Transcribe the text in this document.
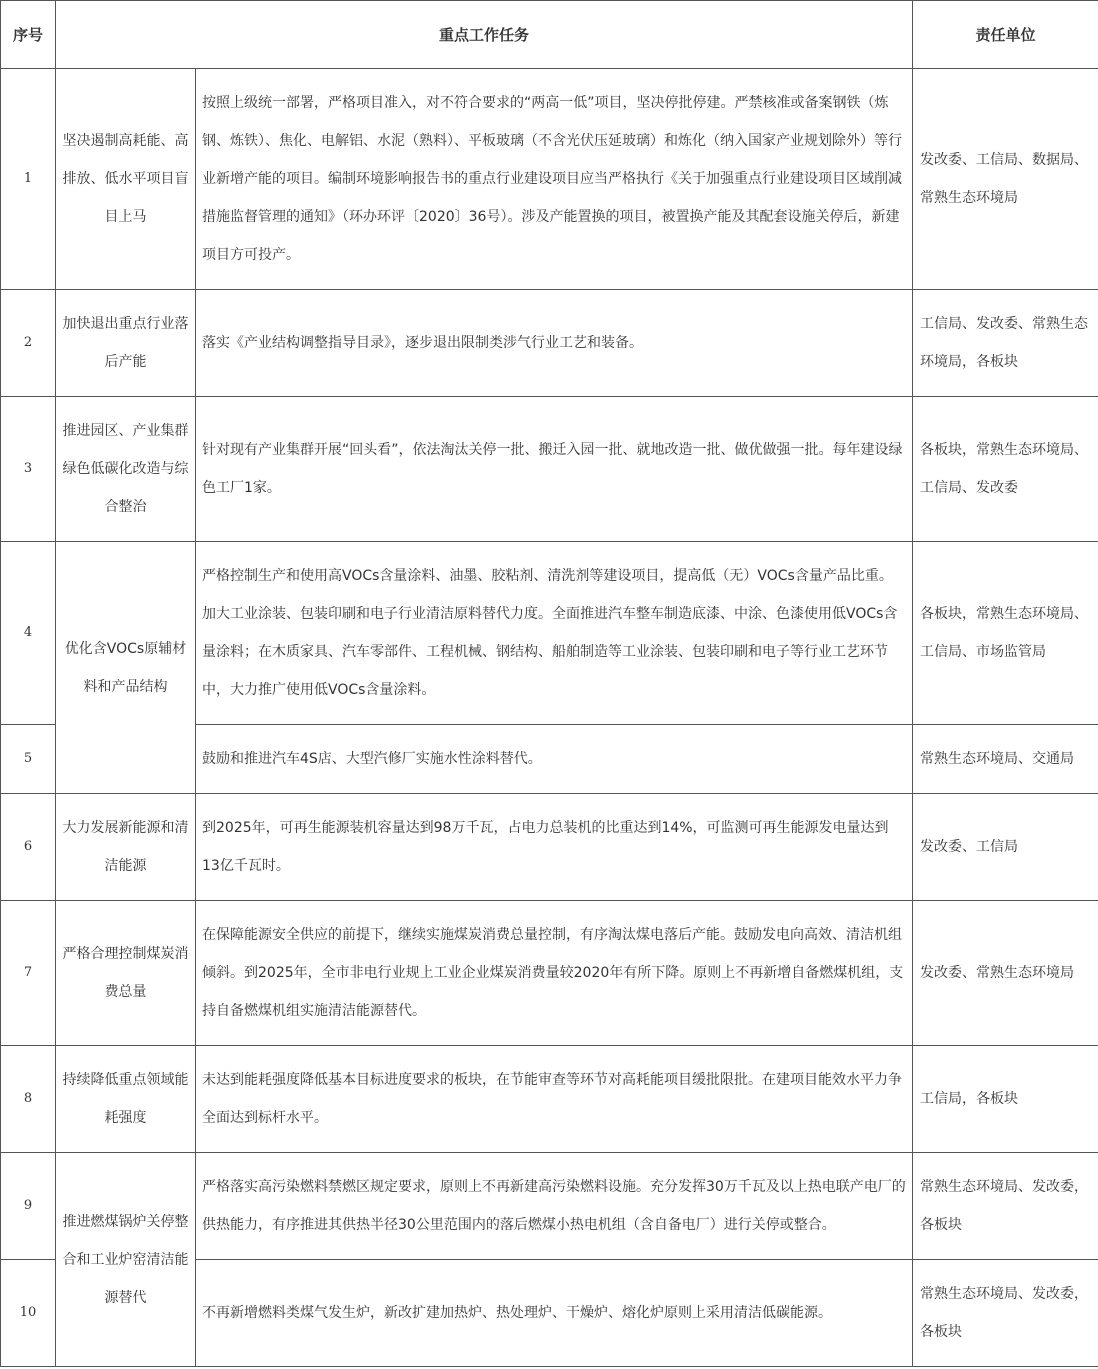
序号	重点工作任务		责任单位
1	坚决遏制高耗能、高排放、低水平项目盲目上马	按照上级统一部署，严格项目准入，对不符合要求的“两高一低”项目，坚决停批停建。严禁核准或备案钢铁（炼钢、炼铁）、焦化、电解铝、水泥（熟料）、平板玻璃（不含光伏压延玻璃）和炼化（纳入国家产业规划除外）等行业新增产能的项目。编制环境影响报告书的重点行业建设项目应当严格执行《关于加强重点行业建设项目区域削减措施监督管理的通知》（环办环评〔2020〕36号）。涉及产能置换的项目，被置换产能及其配套设施关停后，新建项目方可投产。	发改委、工信局、数据局、常熟生态环境局
2	加快退出重点行业落后产能	落实《产业结构调整指导目录》，逐步退出限制类涉气行业工艺和装备。	工信局、发改委、常熟生态环境局，各板块
3	推进园区、产业集群绿色低碳化改造与综合整治	针对现有产业集群开展“回头看”，依法淘汰关停一批、搬迁入园一批、就地改造一批、做优做强一批。每年建设绿色工厂1家。	各板块，常熟生态环境局、工信局、发改委
4	优化含VOCs原辅材料和产品结构	严格控制生产和使用高VOCs含量涂料、油墨、胶粘剂、清洗剂等建设项目，提高低（无）VOCs含量产品比重。加大工业涂装、包装印刷和电子行业清洁原料替代力度。全面推进汽车整车制造底漆、中涂、色漆使用低VOCs含量涂料；在木质家具、汽车零部件、工程机械、钢结构、船舶制造等工业涂装、包装印刷和电子等行业工艺环节中，大力推广使用低VOCs含量涂料。	各板块，常熟生态环境局、工信局、市场监管局
5		鼓励和推进汽车4S店、大型汽修厂实施水性涂料替代。	常熟生态环境局、交通局
6	大力发展新能源和清洁能源	到2025年，可再生能源装机容量达到98万千瓦，占电力总装机的比重达到14%，可监测可再生能源发电量达到13亿千瓦时。	发改委、工信局
7	严格合理控制煤炭消费总量	在保障能源安全供应的前提下，继续实施煤炭消费总量控制，有序淘汰煤电落后产能。鼓励发电向高效、清洁机组倾斜。到2025年，全市非电行业规上工业企业煤炭消费量较2020年有所下降。原则上不再新增自备燃煤机组，支持自备燃煤机组实施清洁能源替代。	发改委、常熟生态环境局
8	持续降低重点领域能耗强度	未达到能耗强度降低基本目标进度要求的板块，在节能审查等环节对高耗能项目缓批限批。在建项目能效水平力争全面达到标杆水平。	工信局，各板块
9	推进燃煤锅炉关停整合和工业炉窑清洁能源替代	严格落实高污染燃料禁燃区规定要求，原则上不再新建高污染燃料设施。充分发挥30万千瓦及以上热电联产电厂的供热能力，有序推进其供热半径30公里范围内的落后燃煤小热电机组（含自备电厂）进行关停或整合。	常熟生态环境局、发改委，各板块
10		不再新增燃料类煤气发生炉，新改扩建加热炉、热处理炉、干燥炉、熔化炉原则上采用清洁低碳能源。	常熟生态环境局、发改委，各板块
